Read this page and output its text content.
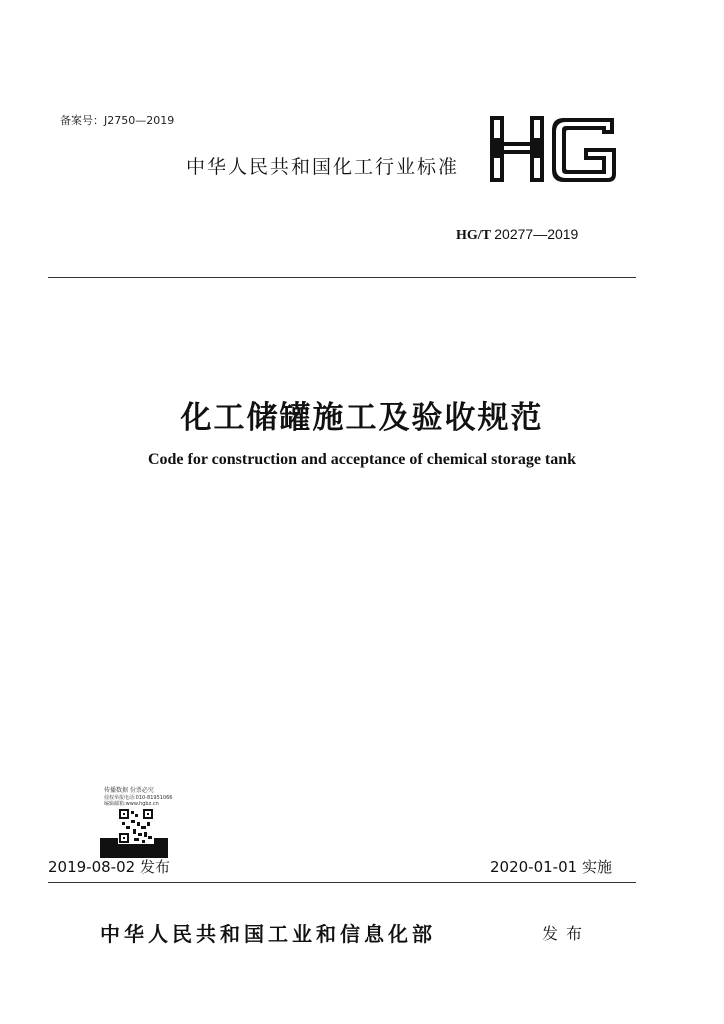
备案号：J2750—2019
中华人民共和国化工行业标准
HG/T 20277—2019
化工储罐施工及验收规范
Code for construction and acceptance of chemical storage tank
传播数据 份票必究
侵权举报电话:010-81951066
编辑邮箱:www.hgbz.cn
2019-08-02 发布	2020-01-01 实施
中华人民共和国工业和信息化部	发布
